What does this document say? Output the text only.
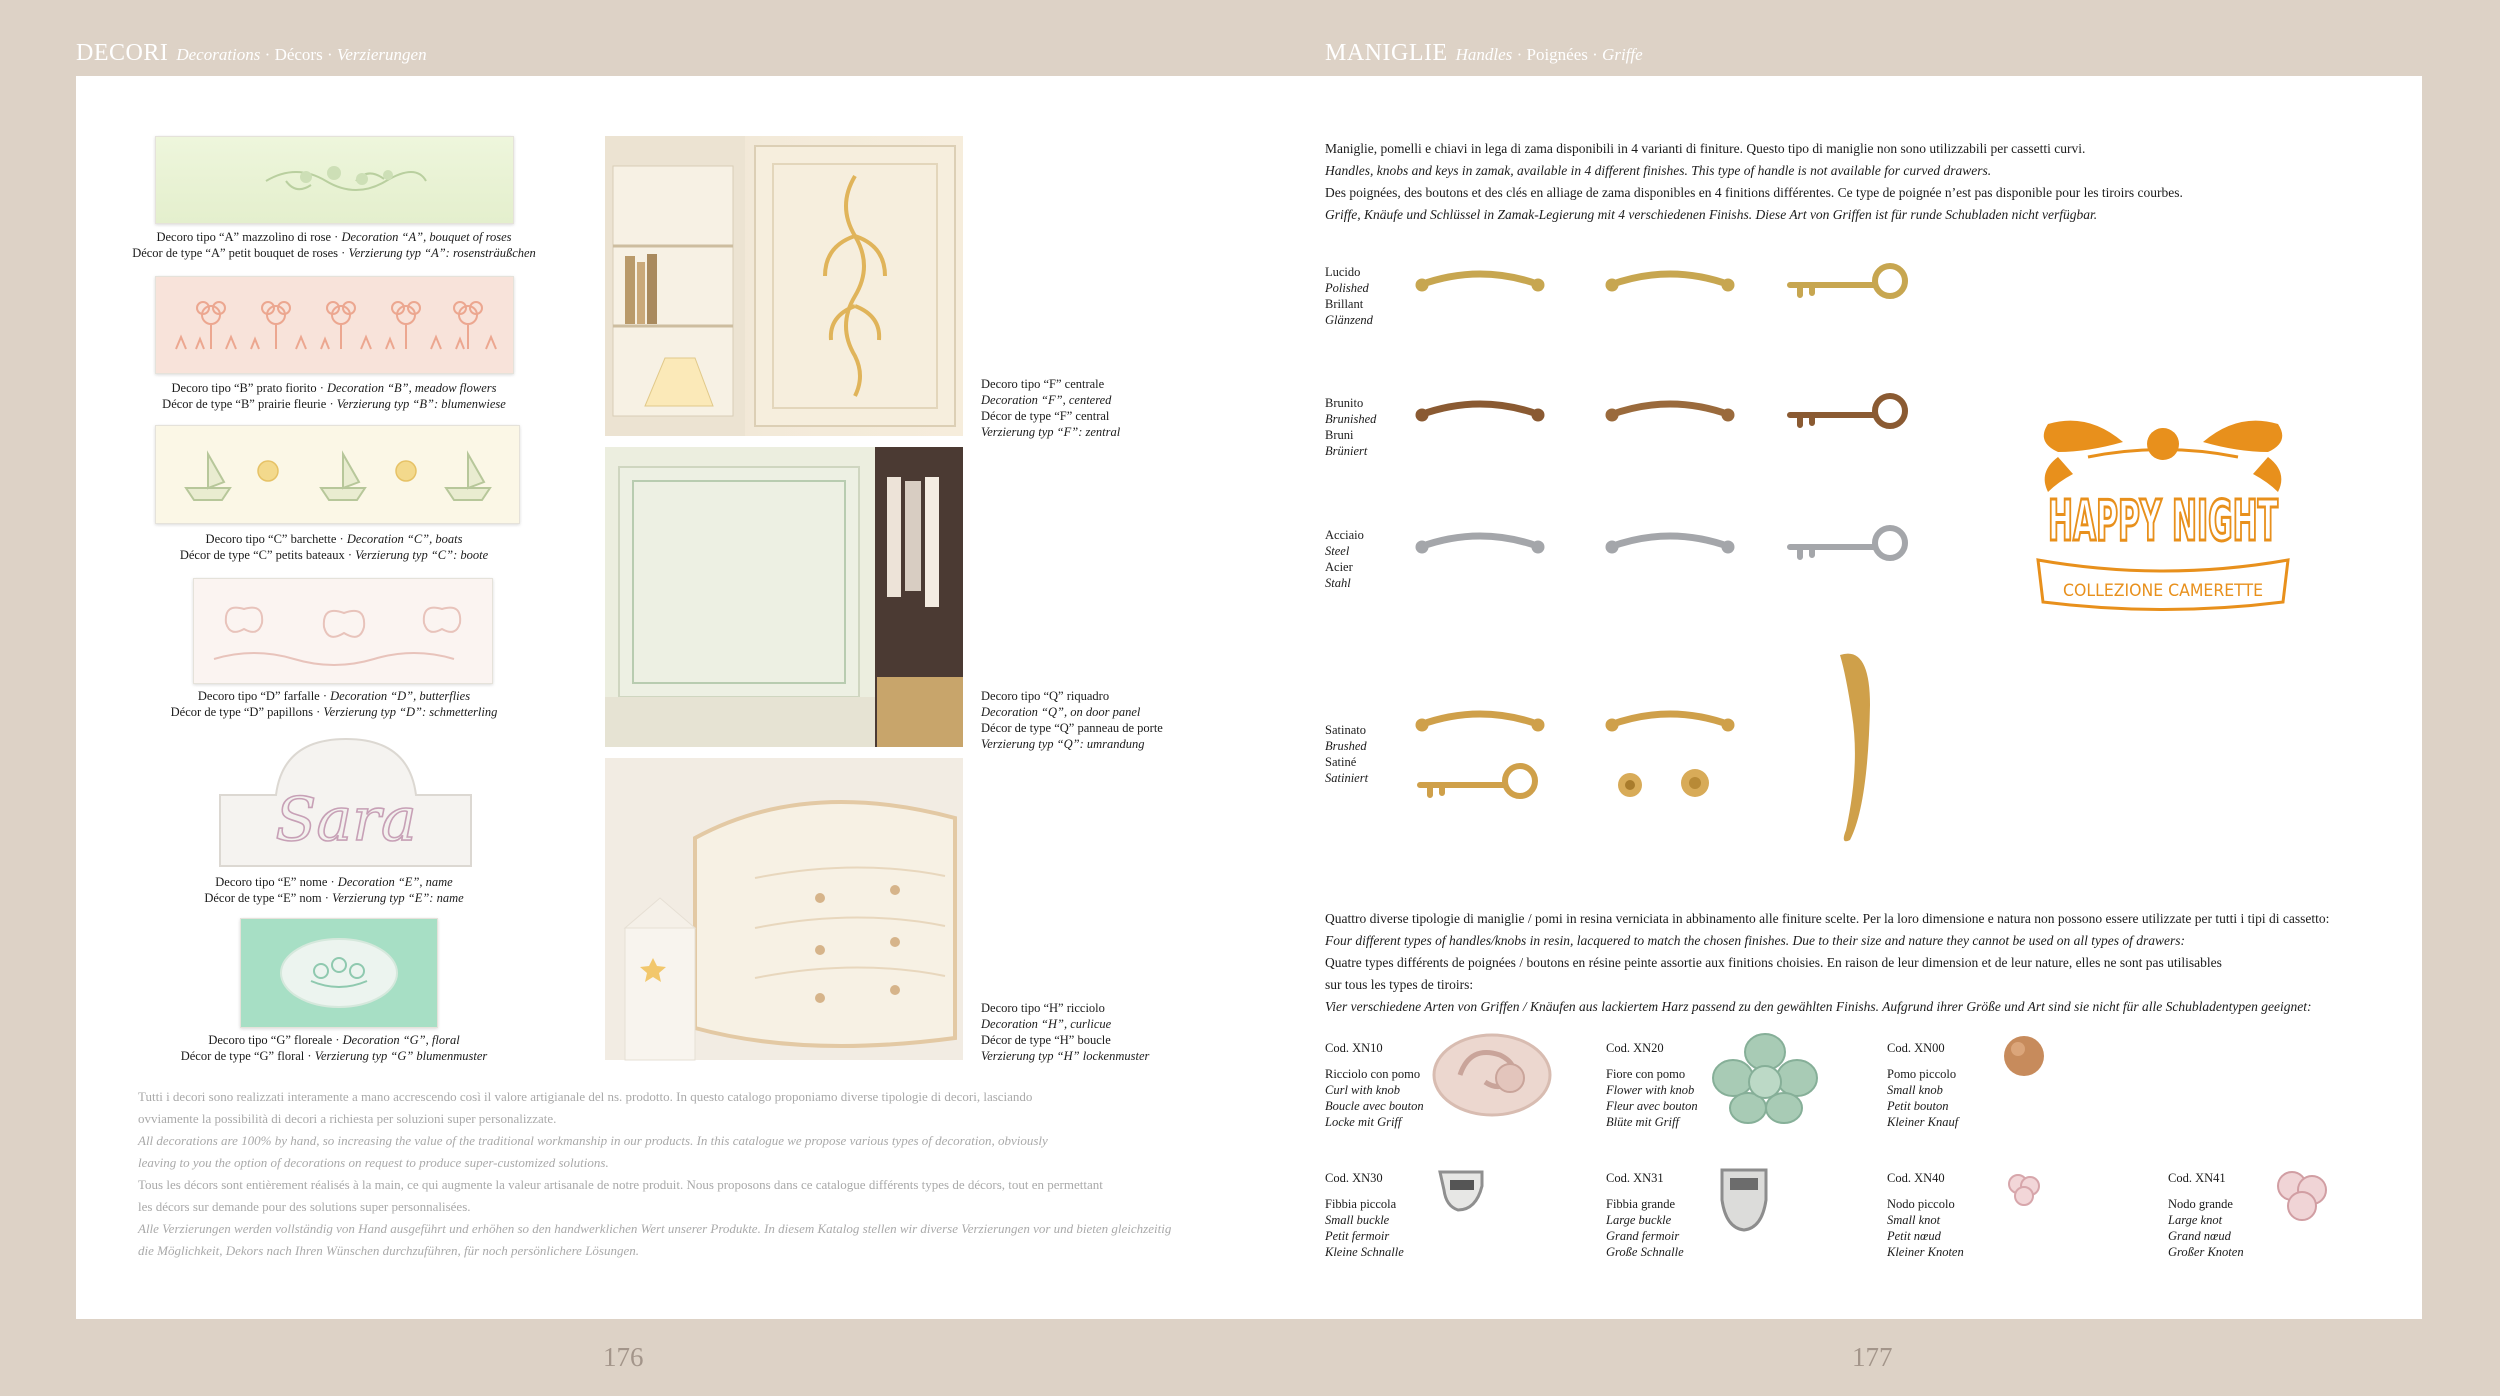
DECORI Decorations · Décors · Verzierungen	MANIGLIE Handles · Poignées · Griffe
Decoro tipo “A” mazzolino di rose · Decoration “A”, bouquet of roses
Décor de type “A” petit bouquet de roses · Verzierung typ “A”: rosensträußchen
Decoro tipo “B” prato fiorito · Decoration “B”, meadow flowers
Décor de type “B” prairie fleurie · Verzierung typ “B”: blumenwiese
Decoro tipo “C” barchette · Decoration “C”, boats
Décor de type “C” petits bateaux · Verzierung typ “C”: boote
Decoro tipo “D” farfalle · Decoration “D”, butterflies
Décor de type “D” papillons · Verzierung typ “D”: schmetterling
Sara
Decoro tipo “E” nome · Decoration “E”, name
Décor de type “E” nom · Verzierung typ “E”: name
Decoro tipo “G” floreale · Decoration “G”, floral
Décor de type “G” floral · Verzierung typ “G” blumenmuster
Decoro tipo “F” centrale
Decoration “F”, centered
Décor de type “F” central
Verzierung typ “F”: zentral
Decoro tipo “Q” riquadro
Decoration “Q”, on door panel
Décor de type “Q” panneau de porte
Verzierung typ “Q”: umrandung
Decoro tipo “H” ricciolo
Decoration “H”, curlicue
Décor de type “H” boucle
Verzierung typ “H” lockenmuster
Tutti i decori sono realizzati interamente a mano accrescendo così il valore artigianale del ns. prodotto. In questo catalogo proponiamo diverse tipologie di decori, lasciando
ovviamente la possibilità di decori a richiesta per soluzioni super personalizzate.
All decorations are 100% by hand, so increasing the value of the traditional workmanship in our products. In this catalogue we propose various types of decoration, obviously
leaving to you the option of decorations on request to produce super-customized solutions.
Tous les décors sont entièrement réalisés à la main, ce qui augmente la valeur artisanale de notre produit. Nous proposons dans ce catalogue différents types de décors, tout en permettant
les décors sur demande pour des solutions super personnalisées.
Alle Verzierungen werden vollständig von Hand ausgeführt und erhöhen so den handwerklichen Wert unserer Produkte. In diesem Katalog stellen wir diverse Verzierungen vor und bieten gleichzeitig
die Möglichkeit, Dekors nach Ihren Wünschen durchzuführen, für noch persönlichere Lösungen.
Maniglie, pomelli e chiavi in lega di zama disponibili in 4 varianti di finiture. Questo tipo di maniglie non sono utilizzabili per cassetti curvi.
Handles, knobs and keys in zamak, available in 4 different finishes. This type of handle is not available for curved drawers.
Des poignées, des boutons et des clés en alliage de zama disponibles en 4 finitions différentes. Ce type de poignée n’est pas disponible pour les tiroirs courbes.
Griffe, Knäufe und Schlüssel in Zamak-Legierung mit 4 verschiedenen Finishs. Diese Art von Griffen ist für runde Schubladen nicht verfügbar.
Lucido
Polished
Brillant
Glänzend
Brunito
Brunished
Bruni
Brüniert
Acciaio
Steel
Acier
Stahl
Satinato
Brushed
Satiné
Satiniert
HAPPY NIGHT
COLLEZIONE CAMERETTE
Quattro diverse tipologie di maniglie / pomi in resina verniciata in abbinamento alle finiture scelte. Per la loro dimensione e natura non possono essere utilizzate per tutti i tipi di cassetto:
Four different types of handles/knobs in resin, lacquered to match the chosen finishes. Due to their size and nature they cannot be used on all types of drawers:
Quatre types différents de poignées / boutons en résine peinte assortie aux finitions choisies. En raison de leur dimension et de leur nature, elles ne sont pas utilisables
sur tous les types de tiroirs:
Vier verschiedene Arten von Griffen / Knäufen aus lackiertem Harz passend zu den gewählten Finishs. Aufgrund ihrer Größe und Art sind sie nicht für alle Schubladentypen geeignet:
Cod. XN10
Ricciolo con pomo
Curl with knob
Boucle avec bouton
Locke mit Griff
Cod. XN20
Fiore con pomo
Flower with knob
Fleur avec bouton
Blüte mit Griff
Cod. XN00
Pomo piccolo
Small knob
Petit bouton
Kleiner Knauf
Cod. XN30
Fibbia piccola
Small buckle
Petit fermoir
Kleine Schnalle
Cod. XN31
Fibbia grande
Large buckle
Grand fermoir
Große Schnalle
Cod. XN40
Nodo piccolo
Small knot
Petit nœud
Kleiner Knoten
Cod. XN41
Nodo grande
Large knot
Grand nœud
Großer Knoten
176	177
